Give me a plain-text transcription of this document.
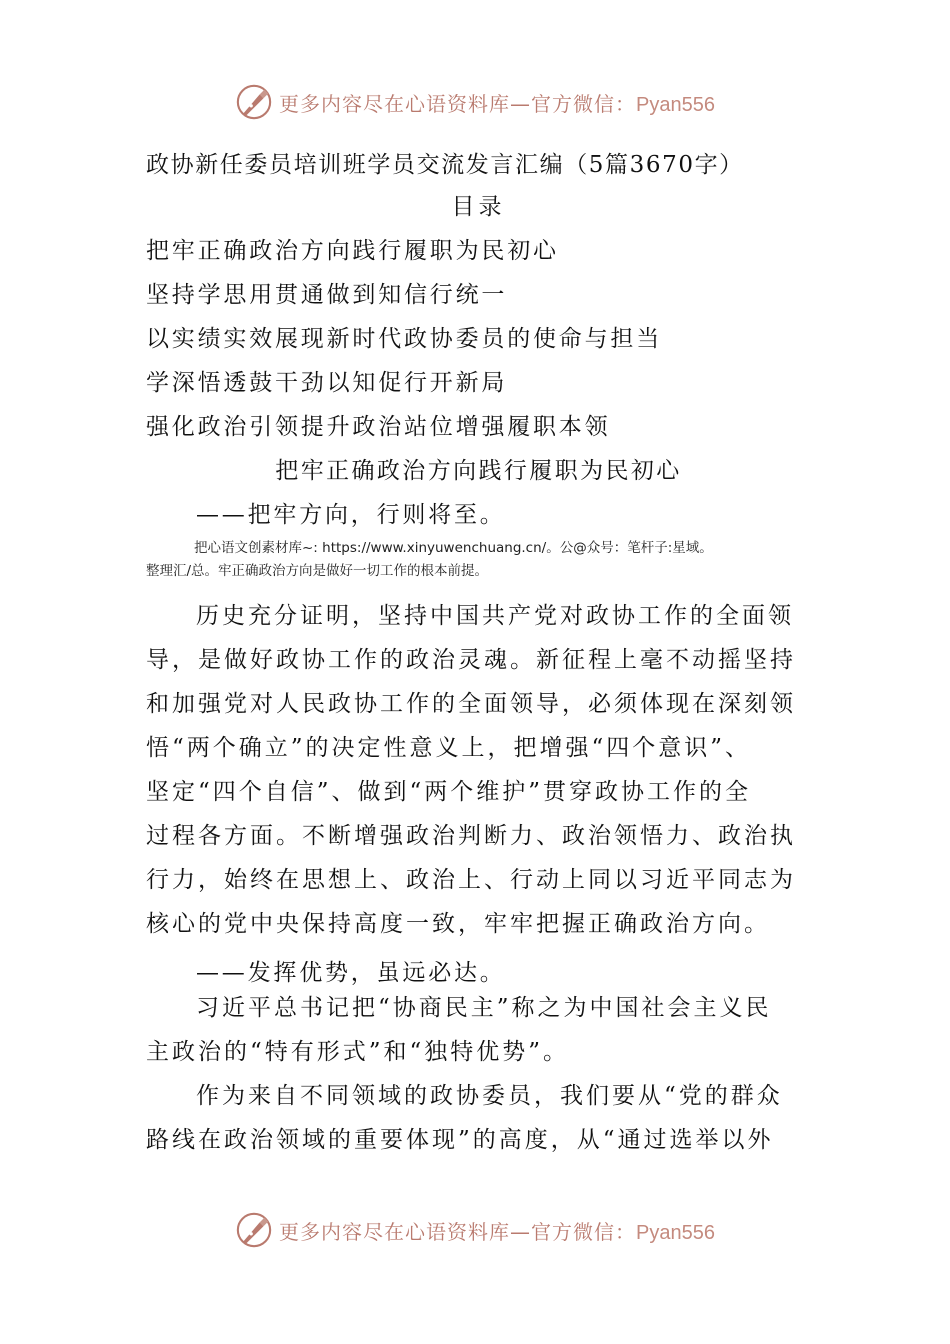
更多内容尽在心语资料库—官方微信：Pyan556
政协新任委员培训班学员交流发言汇编（5篇3670字）
目录
把牢正确政治方向践行履职为民初心
坚持学思用贯通做到知信行统一
以实绩实效展现新时代政协委员的使命与担当
学深悟透鼓干劲以知促行开新局
强化政治引领提升政治站位增强履职本领
把牢正确政治方向践行履职为民初心
——把牢方向，行则将至。
把心语文创素材库~: https://www.xinyuwenchuang.cn/。公@众号：笔杆子:星域。
整理汇/总。牢正确政治方向是做好一切工作的根本前提。
历史充分证明，坚持中国共产党对政协工作的全面领
导，是做好政协工作的政治灵魂。新征程上毫不动摇坚持
和加强党对人民政协工作的全面领导，必须体现在深刻领
悟“两个确立”的决定性意义上，把增强“四个意识”、
坚定“四个自信”、做到“两个维护”贯穿政协工作的全
过程各方面。不断增强政治判断力、政治领悟力、政治执
行力，始终在思想上、政治上、行动上同以习近平同志为
核心的党中央保持高度一致，牢牢把握正确政治方向。
——发挥优势，虽远必达。
习近平总书记把“协商民主”称之为中国社会主义民
主政治的“特有形式”和“独特优势”。
作为来自不同领域的政协委员，我们要从“党的群众
路线在政治领域的重要体现”的高度，从“通过选举以外
更多内容尽在心语资料库—官方微信：Pyan556
